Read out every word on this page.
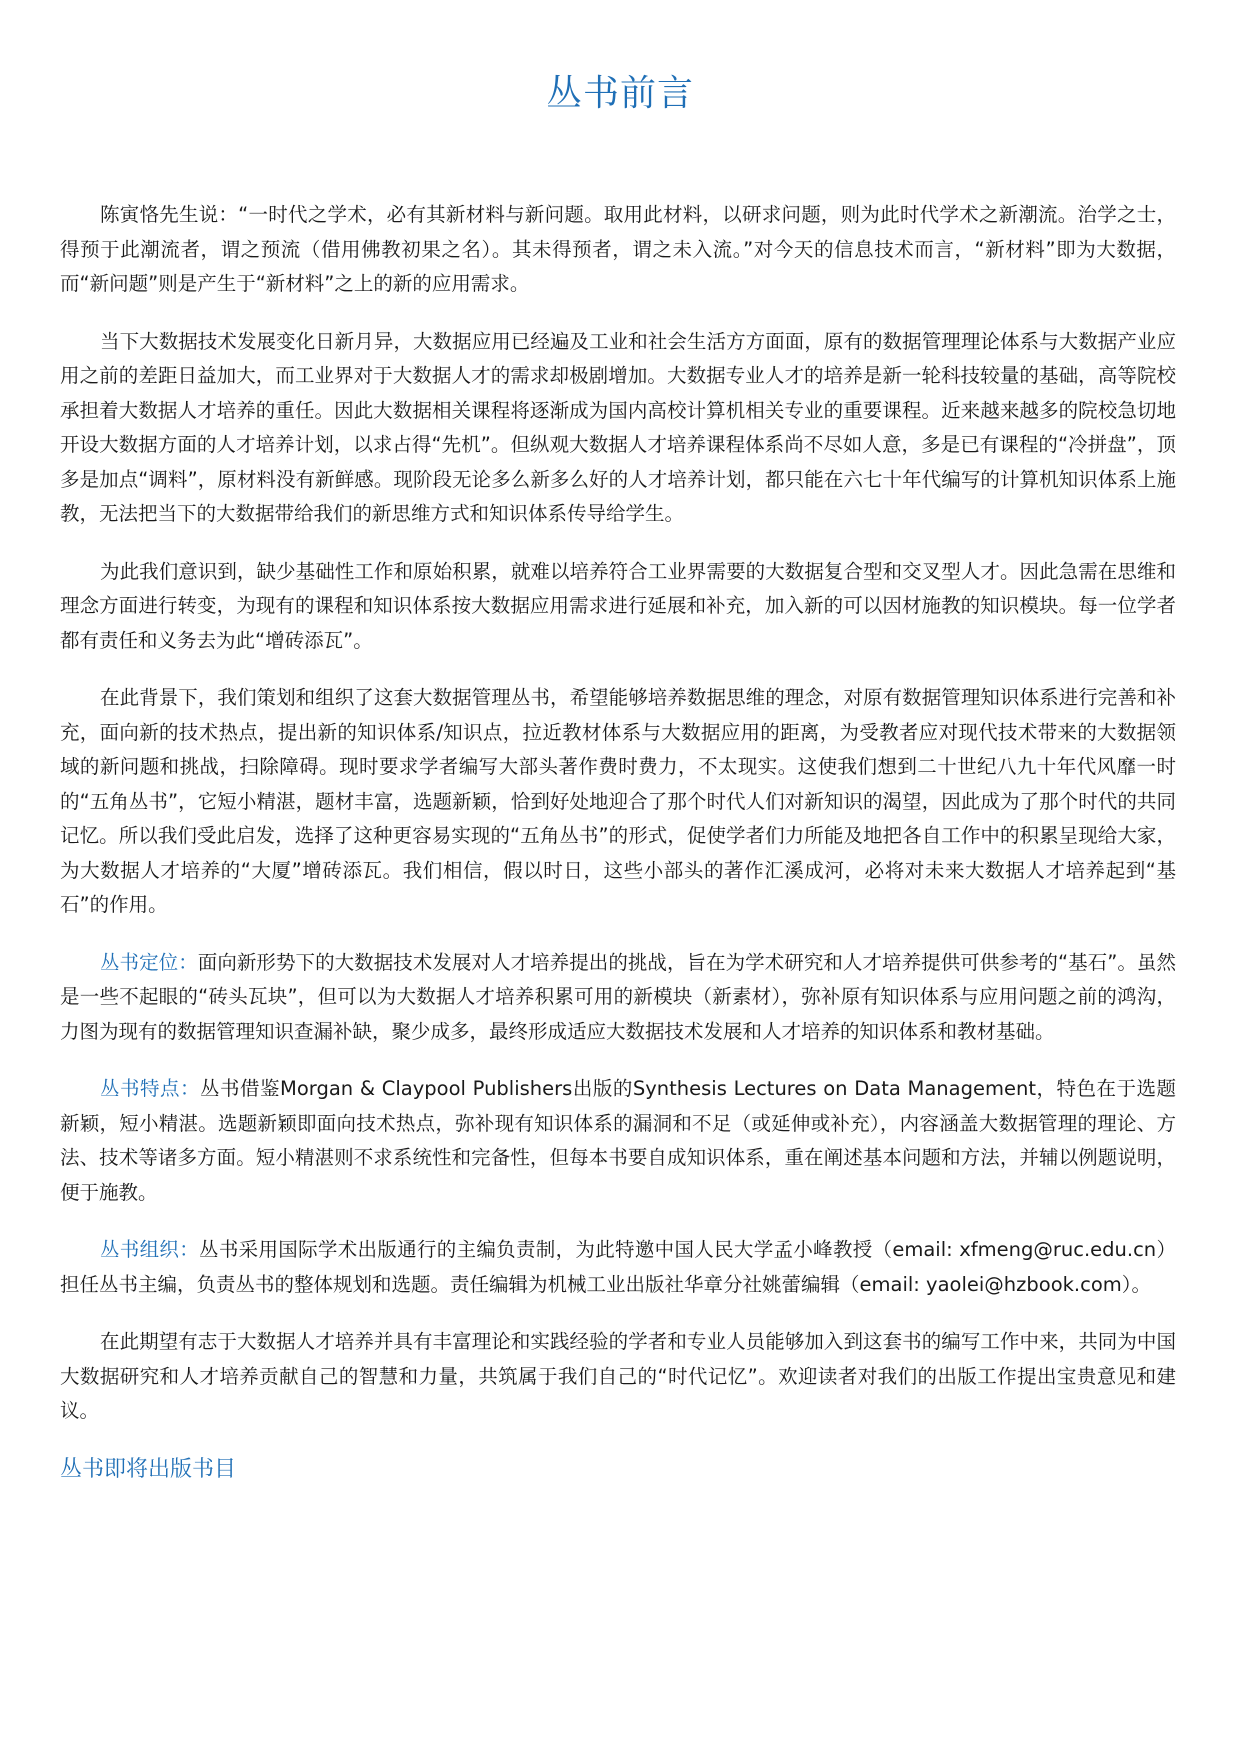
丛书前言

陈寅恪先生说：“一时代之学术，必有其新材料与新问题。取用此材料，以研求问题，则为此时代学术之新潮流。治学之士，得预于此潮流者，谓之预流（借用佛教初果之名）。其未得预者，谓之未入流。”对今天的信息技术而言，“新材料”即为大数据，而“新问题”则是产生于“新材料”之上的新的应用需求。

当下大数据技术发展变化日新月异，大数据应用已经遍及工业和社会生活方方面面，原有的数据管理理论体系与大数据产业应用之前的差距日益加大，而工业界对于大数据人才的需求却极剧增加。大数据专业人才的培养是新一轮科技较量的基础，高等院校承担着大数据人才培养的重任。因此大数据相关课程将逐渐成为国内高校计算机相关专业的重要课程。近来越来越多的院校急切地开设大数据方面的人才培养计划，以求占得“先机”。但纵观大数据人才培养课程体系尚不尽如人意，多是已有课程的“冷拼盘”，顶多是加点“调料”，原材料没有新鲜感。现阶段无论多么新多么好的人才培养计划，都只能在六七十年代编写的计算机知识体系上施教，无法把当下的大数据带给我们的新思维方式和知识体系传导给学生。

为此我们意识到，缺少基础性工作和原始积累，就难以培养符合工业界需要的大数据复合型和交叉型人才。因此急需在思维和理念方面进行转变，为现有的课程和知识体系按大数据应用需求进行延展和补充，加入新的可以因材施教的知识模块。每一位学者都有责任和义务去为此“增砖添瓦”。

在此背景下，我们策划和组织了这套大数据管理丛书，希望能够培养数据思维的理念，对原有数据管理知识体系进行完善和补充，面向新的技术热点，提出新的知识体系/知识点，拉近教材体系与大数据应用的距离，为受教者应对现代技术带来的大数据领域的新问题和挑战，扫除障碍。现时要求学者编写大部头著作费时费力，不太现实。这使我们想到二十世纪八九十年代风靡一时的“五角丛书”，它短小精湛，题材丰富，选题新颖，恰到好处地迎合了那个时代人们对新知识的渴望，因此成为了那个时代的共同记忆。所以我们受此启发，选择了这种更容易实现的“五角丛书”的形式，促使学者们力所能及地把各自工作中的积累呈现给大家，为大数据人才培养的“大厦”增砖添瓦。我们相信，假以时日，这些小部头的著作汇溪成河，必将对未来大数据人才培养起到“基石”的作用。

丛书定位：面向新形势下的大数据技术发展对人才培养提出的挑战，旨在为学术研究和人才培养提供可供参考的“基石”。虽然是一些不起眼的“砖头瓦块”，但可以为大数据人才培养积累可用的新模块（新素材），弥补原有知识体系与应用问题之前的鸿沟，力图为现有的数据管理知识查漏补缺，聚少成多，最终形成适应大数据技术发展和人才培养的知识体系和教材基础。

丛书特点：丛书借鉴Morgan & Claypool Publishers出版的Synthesis Lectures on Data Management，特色在于选题新颖，短小精湛。选题新颖即面向技术热点，弥补现有知识体系的漏洞和不足（或延伸或补充），内容涵盖大数据管理的理论、方法、技术等诸多方面。短小精湛则不求系统性和完备性，但每本书要自成知识体系，重在阐述基本问题和方法，并辅以例题说明，便于施教。

丛书组织：丛书采用国际学术出版通行的主编负责制，为此特邀中国人民大学孟小峰教授（email: xfmeng@ruc.edu.cn）担任丛书主编，负责丛书的整体规划和选题。责任编辑为机械工业出版社华章分社姚蕾编辑（email: yaolei@hzbook.com）。

在此期望有志于大数据人才培养并具有丰富理论和实践经验的学者和专业人员能够加入到这套书的编写工作中来，共同为中国大数据研究和人才培养贡献自己的智慧和力量，共筑属于我们自己的“时代记忆”。欢迎读者对我们的出版工作提出宝贵意见和建议。

丛书即将出版书目
